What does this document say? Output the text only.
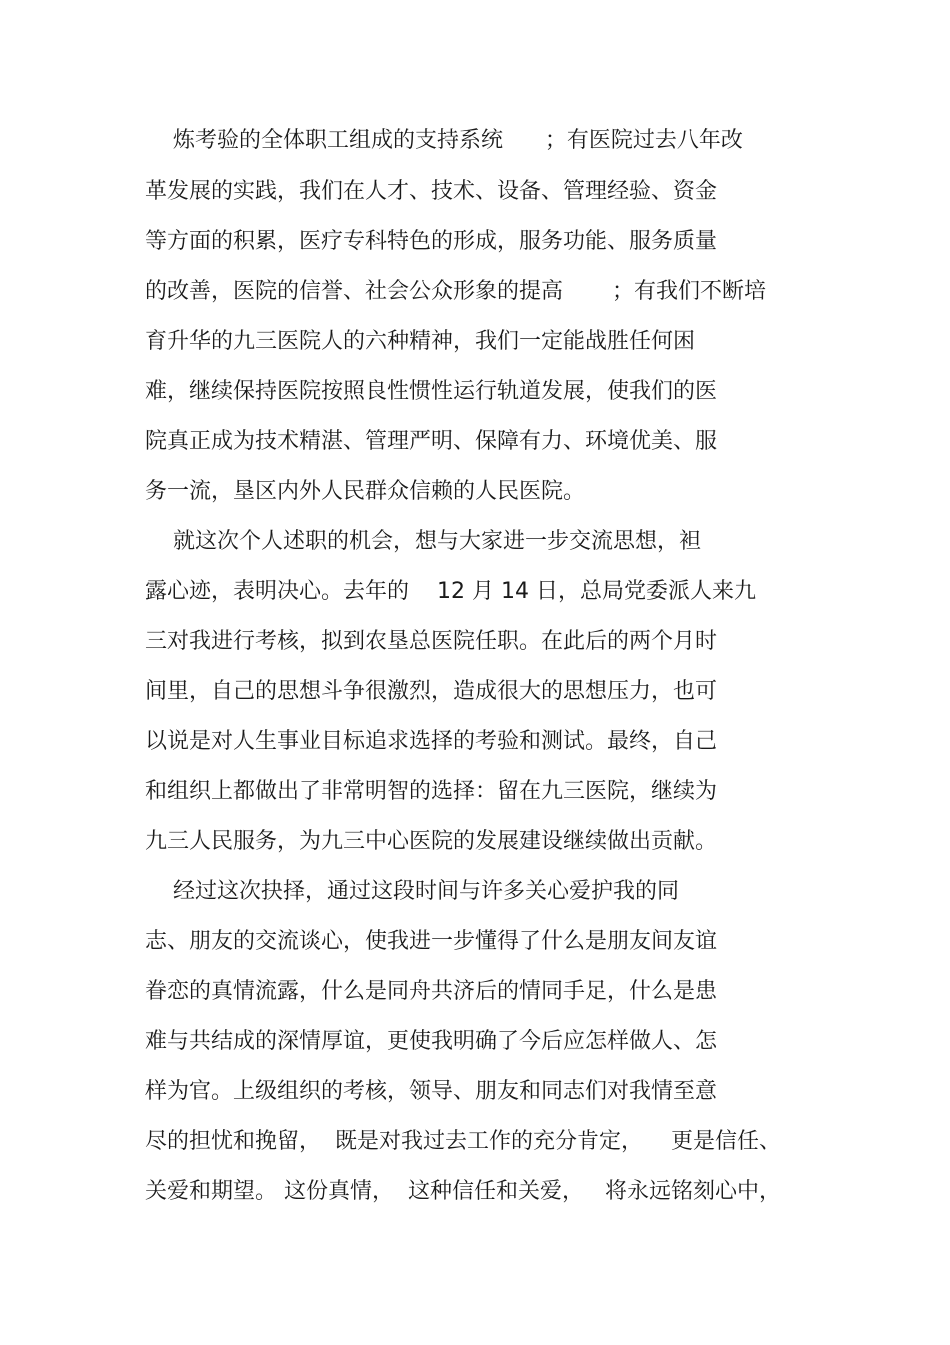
炼考验的全体职工组成的支持系统      ；有医院过去八年改
革发展的实践，我们在人才、技术、设备、管理经验、资金
等方面的积累，医疗专科特色的形成，服务功能、服务质量
的改善，医院的信誉、社会公众形象的提高       ；有我们不断培
育升华的九三医院人的六种精神，我们一定能战胜任何困
难，继续保持医院按照良性惯性运行轨道发展，使我们的医
院真正成为技术精湛、管理严明、保障有力、环境优美、服
务一流，垦区内外人民群众信赖的人民医院。
就这次个人述职的机会，想与大家进一步交流思想，袒
露心迹，表明决心。去年的    12 月 14 日，总局党委派人来九
三对我进行考核，拟到农垦总医院任职。在此后的两个月时
间里，自己的思想斗争很激烈，造成很大的思想压力，也可
以说是对人生事业目标追求选择的考验和测试。最终，自己
和组织上都做出了非常明智的选择：留在九三医院，继续为
九三人民服务，为九三中心医院的发展建设继续做出贡献。
经过这次抉择，通过这段时间与许多关心爱护我的同
志、朋友的交流谈心，使我进一步懂得了什么是朋友间友谊
眷恋的真情流露，什么是同舟共济后的情同手足，什么是患
难与共结成的深情厚谊，更使我明确了今后应怎样做人、怎
样为官。上级组织的考核，领导、朋友和同志们对我情至意
尽的担忧和挽留，  既是对我过去工作的充分肯定，    更是信任、
关爱和期望。 这份真情，  这种信任和关爱，   将永远铭刻心中，
